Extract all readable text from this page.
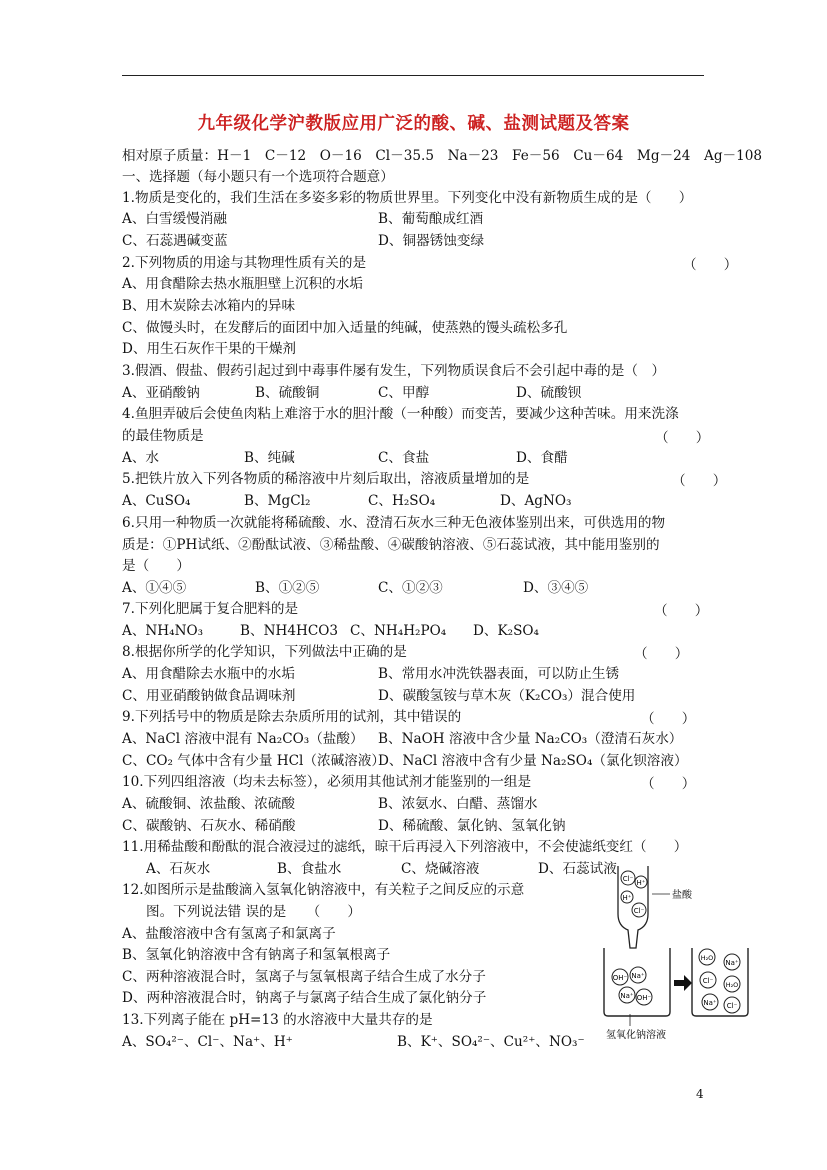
九年级化学沪教版应用广泛的酸、碱、盐测试题及答案
相对原子质量：H－1　C－12　O－16　Cl－35.5　Na－23　Fe－56　Cu－64　Mg－24　Ag－108
一、选择题（每小题只有一个选项符合题意）
1.物质是变化的，我们生活在多姿多彩的物质世界里。下列变化中没有新物质生成的是（　　）
A、白雪缓慢消融	B、葡萄酿成红酒
C、石蕊遇碱变蓝	D、铜器锈蚀变绿
2.下列物质的用途与其物理性质有关的是	（　　）
A、用食醋除去热水瓶胆壁上沉积的水垢
B、用木炭除去冰箱内的异味
C、做馒头时，在发酵后的面团中加入适量的纯碱，使蒸熟的馒头疏松多孔
D、用生石灰作干果的干燥剂
3.假酒、假盐、假药引起过到中毒事件屡有发生，下列物质误食后不会引起中毒的是（　）
A、亚硝酸钠	B、硫酸铜	C、甲醇	D、硫酸钡
4.鱼胆弄破后会使鱼肉粘上难溶于水的胆汁酸（一种酸）而变苦，要减少这种苦味。用来洗涤
的最佳物质是	（　　）
A、水	B、纯碱	C、食盐	D、食醋
5.把铁片放入下列各物质的稀溶液中片刻后取出，溶液质量增加的是	（　　）
A、CuSO₄	B、MgCl₂	C、H₂SO₄	D、AgNO₃
6.只用一种物质一次就能将稀硫酸、水、澄清石灰水三种无色液体鉴别出来，可供选用的物
质是：①PH试纸、②酚酞试液、③稀盐酸、④碳酸钠溶液、⑤石蕊试液，其中能用鉴别的
是（　　）
A、①④⑤	B、①②⑤	C、①②③	D、③④⑤
7.下列化肥属于复合肥料的是	（　　）
A、NH₄NO₃	B、NH4HCO3 C、NH₄H₂PO₄ D、K₂SO₄
8.根据你所学的化学知识，下列做法中正确的是	（　　）
A、用食醋除去水瓶中的水垢	B、常用水冲洗铁器表面，可以防止生锈
C、用亚硝酸钠做食品调味剂	D、碳酸氢铵与草木灰（K₂CO₃）混合使用
9.下列括号中的物质是除去杂质所用的试剂，其中错误的	（　　）
A、NaCl 溶液中混有 Na₂CO₃（盐酸） B、NaOH 溶液中含少量 Na₂CO₃（澄清石灰水）
C、CO₂ 气体中含有少量 HCl（浓碱溶液）
D、NaCl 溶液中含有少量 Na₂SO₄（氯化钡溶液）
10.下列四组溶液（均未去标签），必须用其他试剂才能鉴别的一组是	（　　）
A、硫酸铜、浓盐酸、浓硫酸	B、浓氨水、白醋、蒸馏水
C、碳酸钠、石灰水、稀硝酸	D、稀硫酸、氯化钠、氢氧化钠
11.用稀盐酸和酚酞的混合液浸过的滤纸，晾干后再浸入下列溶液中，不会使滤纸变红（　　）
A、石灰水	B、食盐水	C、烧碱溶液	D、石蕊试液
12.如图所示是盐酸滴入氢氧化钠溶液中，有关粒子之间反应的示意
图。下列说法错 误的是　　（　　）
A、盐酸溶液中含有氢离子和氯离子
B、氢氧化钠溶液中含有钠离子和氢氧根离子
C、两种溶液混合时，氢离子与氢氧根离子结合生成了水分子
D、两种溶液混合时，钠离子与氯离子结合生成了氯化钠分子
13.下列离子能在 pH=13 的水溶液中大量共存的是
A、SO₄²⁻、Cl⁻、Na⁺、H⁺	B、K⁺、SO₄²⁻、Cu²⁺、NO₃⁻
Cl⁻ H⁺
H⁺
Cl⁻
盐酸
OH⁻ Na⁺
Na⁺ OH⁻
H₂O
Na⁺
Cl⁻ H₂O
Na⁺ Cl⁻
氢氧化钠溶液
4
